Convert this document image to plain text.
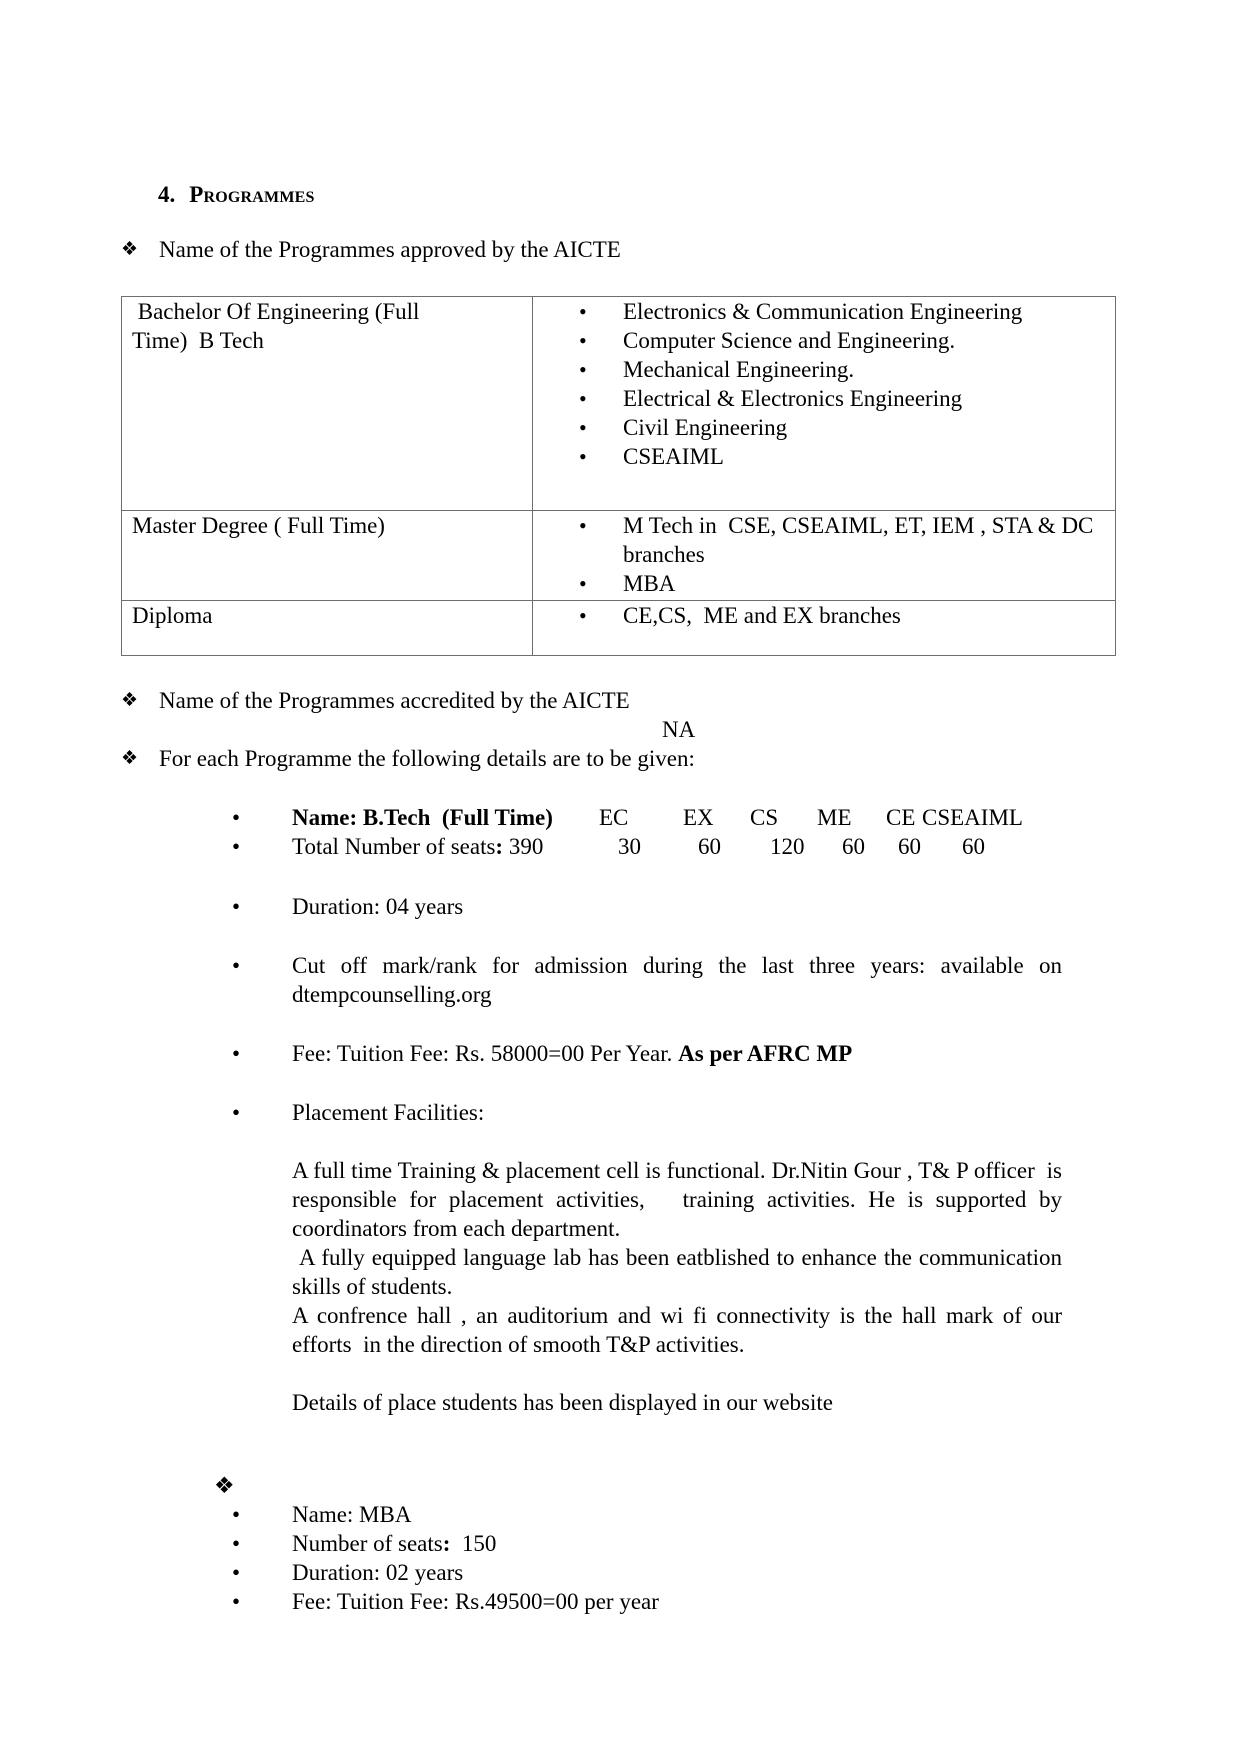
4. Programmes
❖ Name of the Programmes approved by the AICTE
Bachelor Of Engineering (Full
Time)  B Tech

• Electronics & Communication Engineering
• Computer Science and Engineering.
• Mechanical Engineering.
• Electrical & Electronics Engineering
• Civil Engineering
• CSEAIML

Master Degree ( Full Time)

•M Tech in  CSE, CSEAIML, ET, IEM , STA & DC branches
• MBA

Diploma

•CE,CS,  ME and EX branches
❖ Name of the Programmes accredited by the AICTE
NA
❖ For each Programme the following details are to be given:
• Name: B.Tech  (Full Time) EC EX CS ME CE CSEAIML
• Total Number of seats: 390	30 60 120 60 60 60
• Duration: 04 years
• Cut off mark/rank for admission during the last three years: available on dtempcounselling.org
• Fee: Tuition Fee: Rs. 58000=00 Per Year. As per AFRC MP
• Placement Facilities:
A full time Training & placement cell is functional. Dr.Nitin Gour , T& P officer  is responsible for placement activities,   training activities. He is supported by coordinators from each department.
A fully equipped language lab has been eatblished to enhance the communication skills of students.
A confrence hall , an auditorium and wi fi connectivity is the hall mark of our efforts  in the direction of smooth T&P activities.
Details of place students has been displayed in our website
❖
• Name: MBA
• Number of seats: 150
• Duration: 02 years
• Fee: Tuition Fee: Rs.49500=00 per year
